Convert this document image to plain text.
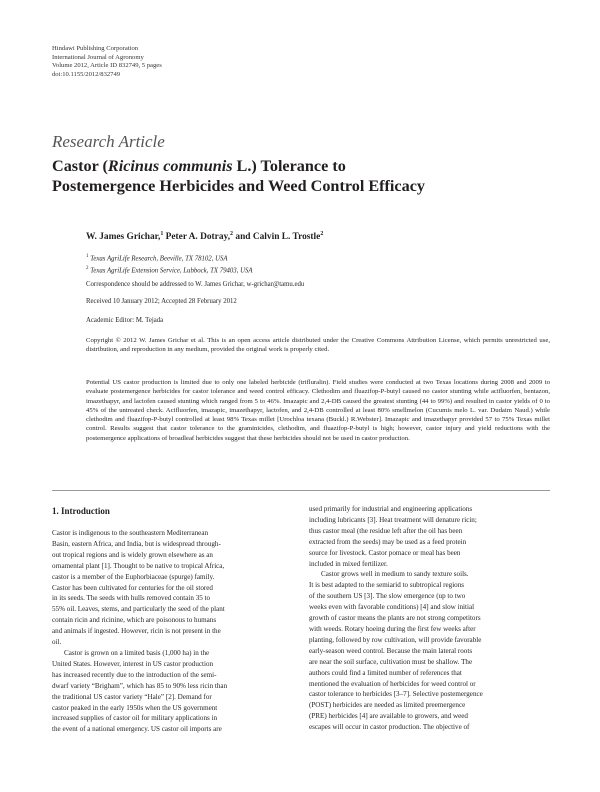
Hindawi Publishing Corporation
International Journal of Agronomy
Volume 2012, Article ID 832749, 5 pages
doi:10.1155/2012/832749
Research Article
Castor (Ricinus communis L.) Tolerance to
Postemergence Herbicides and Weed Control Efficacy
W. James Grichar,$^1$ Peter A. Dotray,$^2$ and Calvin L. Trostle$^2$
$^1$ Texas AgriLife Research, Beeville, TX 78102, USA
$^2$ Texas AgriLife Extension Service, Lubbock, TX 79403, USA
Correspondence should be addressed to W. James Grichar, w-grichar@tamu.edu
Received 10 January 2012; Accepted 28 February 2012
Academic Editor: M. Tejada
Copyright © 2012 W. James Grichar et al. This is an open access article distributed under the Creative Commons Attribution License, which permits unrestricted use, distribution, and reproduction in any medium, provided the original work is properly cited.
Potential US castor production is limited due to only one labeled herbicide (trifluralin). Field studies were conducted at two Texas locations during 2008 and 2009 to evaluate postemergence herbicides for castor tolerance and weed control efficacy. Clethodim and fluazifop-P-butyl caused no castor stunting while acifluorfen, bentazon, imazethapyr, and lactofen caused stunting which ranged from 5 to 46%. Imazapic and 2,4-DB caused the greatest stunting (44 to 99%) and resulted in castor yields of 0 to 45% of the untreated check. Acifluorfen, imazapic, imazethapyr, lactofen, and 2,4-DB controlled at least 80% smellmelon (Cucumis melo L. var. Dudaim Naud.) while clethodim and fluazifop-P-butyl controlled at least 98% Texas millet [Urochloa texana (Buckl.) R.Webster]. Imazapic and imazethapyr provided 57 to 75% Texas millet control. Results suggest that castor tolerance to the graminicides, clethodim, and fluazifop-P-butyl is high; however, castor injury and yield reductions with the postemergence applications of broadleaf herbicides suggest that these herbicides should not be used in castor production.
1. Introduction

Castor is indigenous to the southeastern Mediterranean
Basin, eastern Africa, and India, but is widespread through-
out tropical regions and is widely grown elsewhere as an
ornamental plant [1]. Thought to be native to tropical Africa,
castor is a member of the Euphorbiaceae (spurge) family.
Castor has been cultivated for centuries for the oil stored
in its seeds. The seeds with hulls removed contain 35 to
55% oil. Leaves, stems, and particularly the seed of the plant
contain ricin and ricinine, which are poisonous to humans
and animals if ingested. However, ricin is not present in the
oil.

Castor is grown on a limited basis (1,000 ha) in the
United States. However, interest in US castor production
has increased recently due to the introduction of the semi-
dwarf variety “Brigham”, which has 85 to 90% less ricin than
the traditional US castor variety “Hale” [2]. Demand for
castor peaked in the early 1950s when the US government
increased supplies of castor oil for military applications in
the event of a national emergency. US castor oil imports are

used primarily for industrial and engineering applications
including lubricants [3]. Heat treatment will denature ricin;
thus castor meal (the residue left after the oil has been
extracted from the seeds) may be used as a feed protein
source for livestock. Castor pomace or meal has been
included in mixed fertilizer.

Castor grows well in medium to sandy texture soils.
It is best adapted to the semiarid to subtropical regions
of the southern US [3]. The slow emergence (up to two
weeks even with favorable conditions) [4] and slow initial
growth of castor means the plants are not strong competitors
with weeds. Rotary hoeing during the first few weeks after
planting, followed by row cultivation, will provide favorable
early-season weed control. Because the main lateral roots
are near the soil surface, cultivation must be shallow. The
authors could find a limited number of references that
mentioned the evaluation of herbicides for weed control or
castor tolerance to herbicides [3–7]. Selective postemergence
(POST) herbicides are needed as limited preemergence
(PRE) herbicides [4] are available to growers, and weed
escapes will occur in castor production. The objective of
